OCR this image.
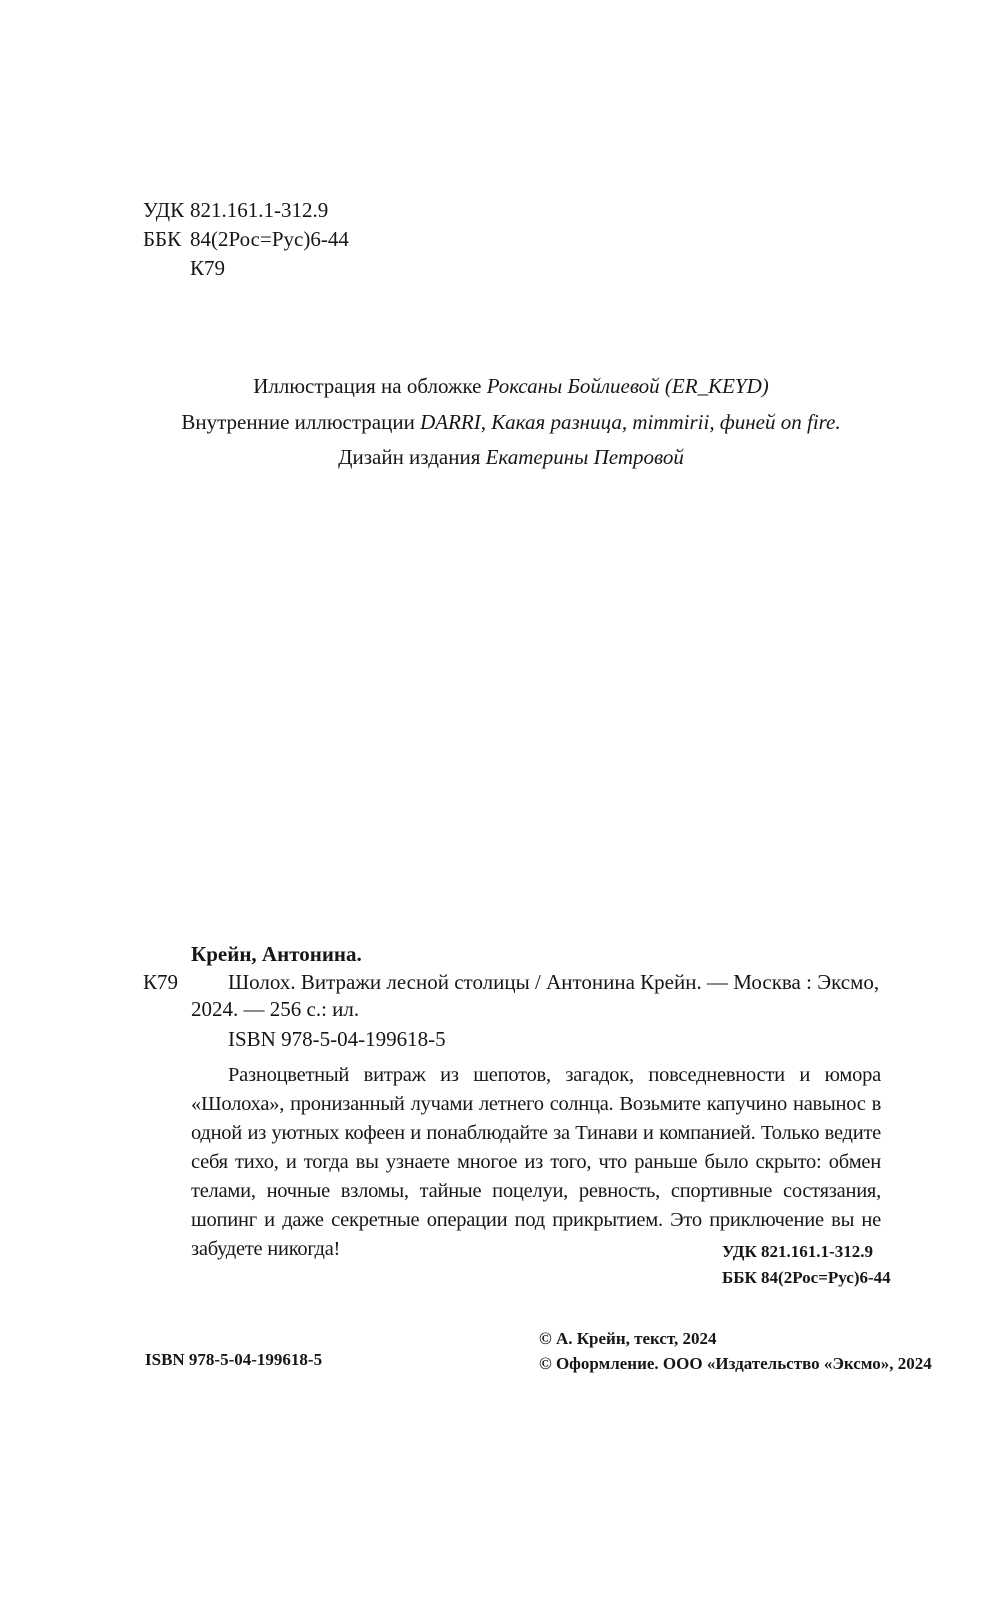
УДК 821.161.1-312.9
ББК 84(2Рос=Рус)6-44
К79
Иллюстрация на обложке Роксаны Бойлиевой (ER_KEYD)
Внутренние иллюстрации DARRI, Какая разница, mimmirii, финей on fire.
Дизайн издания Екатерины Петровой
Крейн, Антонина.
К79	Шолох. Витражи лесной столицы / Антонина Крейн. — Москва : Эксмо,
2024. — 256 с.: ил.
ISBN 978-5-04-199618-5

Разноцветный витраж из шепотов, загадок, повседневности и юмора «Шолоха», пронизанный лучами летнего солнца. Возьмите капучино навынос в одной из уютных кофеен и понаблюдайте за Тинави и компанией. Только ведите себя тихо, и тогда вы узнаете многое из того, что раньше было скрыто: обмен телами, ночные взломы, тайные поцелуи, ревность, спортивные состязания, шопинг и даже секретные операции под прикрытием. Это приключение вы не забудете никогда!	УДК 821.161.1-312.9
ББК 84(2Рос=Рус)6-44
ISBN 978-5-04-199618-5
© А. Крейн, текст, 2024
© Оформление. ООО «Издательство «Эксмо», 2024
